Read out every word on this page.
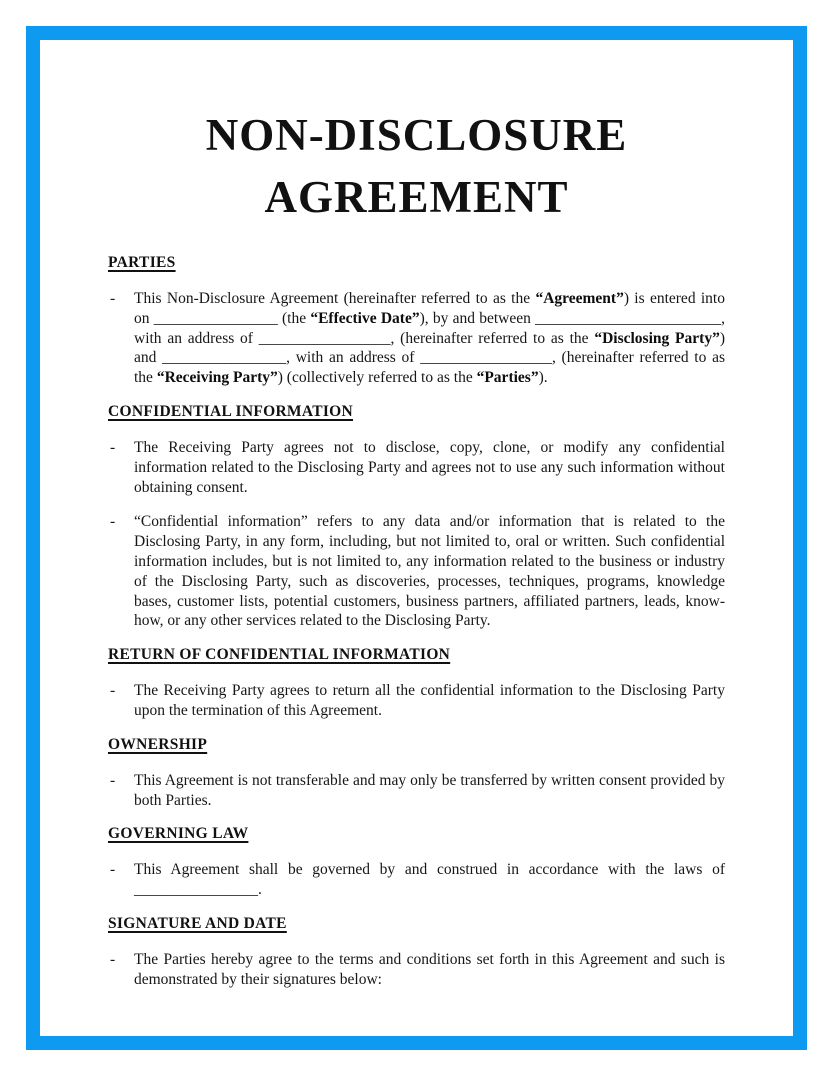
NON-DISCLOSURE
AGREEMENT
PARTIES
-	This Non-Disclosure Agreement (hereinafter referred to as the “Agreement”) is entered into on ________________ (the “Effective Date”), by and between ________________________, with an address of _________________, (hereinafter referred to as the “Disclosing Party”) and ________________, with an address of _________________, (hereinafter referred to as the “Receiving Party”) (collectively referred to as the “Parties”).

CONFIDENTIAL INFORMATION
-	The Receiving Party agrees not to disclose, copy, clone, or modify any confidential information related to the Disclosing Party and agrees not to use any such information without obtaining consent.

-	“Confidential information” refers to any data and/or information that is related to the Disclosing Party, in any form, including, but not limited to, oral or written. Such confidential information includes, but is not limited to, any information related to the business or industry of the Disclosing Party, such as discoveries, processes, techniques, programs, knowledge bases, customer lists, potential customers, business partners, affiliated partners, leads, know-how, or any other services related to the Disclosing Party.

RETURN OF CONFIDENTIAL INFORMATION
-	The Receiving Party agrees to return all the confidential information to the Disclosing Party upon the termination of this Agreement.

OWNERSHIP
-	This Agreement is not transferable and may only be transferred by written consent provided by both Parties.

GOVERNING LAW
-	This Agreement shall be governed by and construed in accordance with the laws of ________________.

SIGNATURE AND DATE
-	The Parties hereby agree to the terms and conditions set forth in this Agreement and such is demonstrated by their signatures below:
